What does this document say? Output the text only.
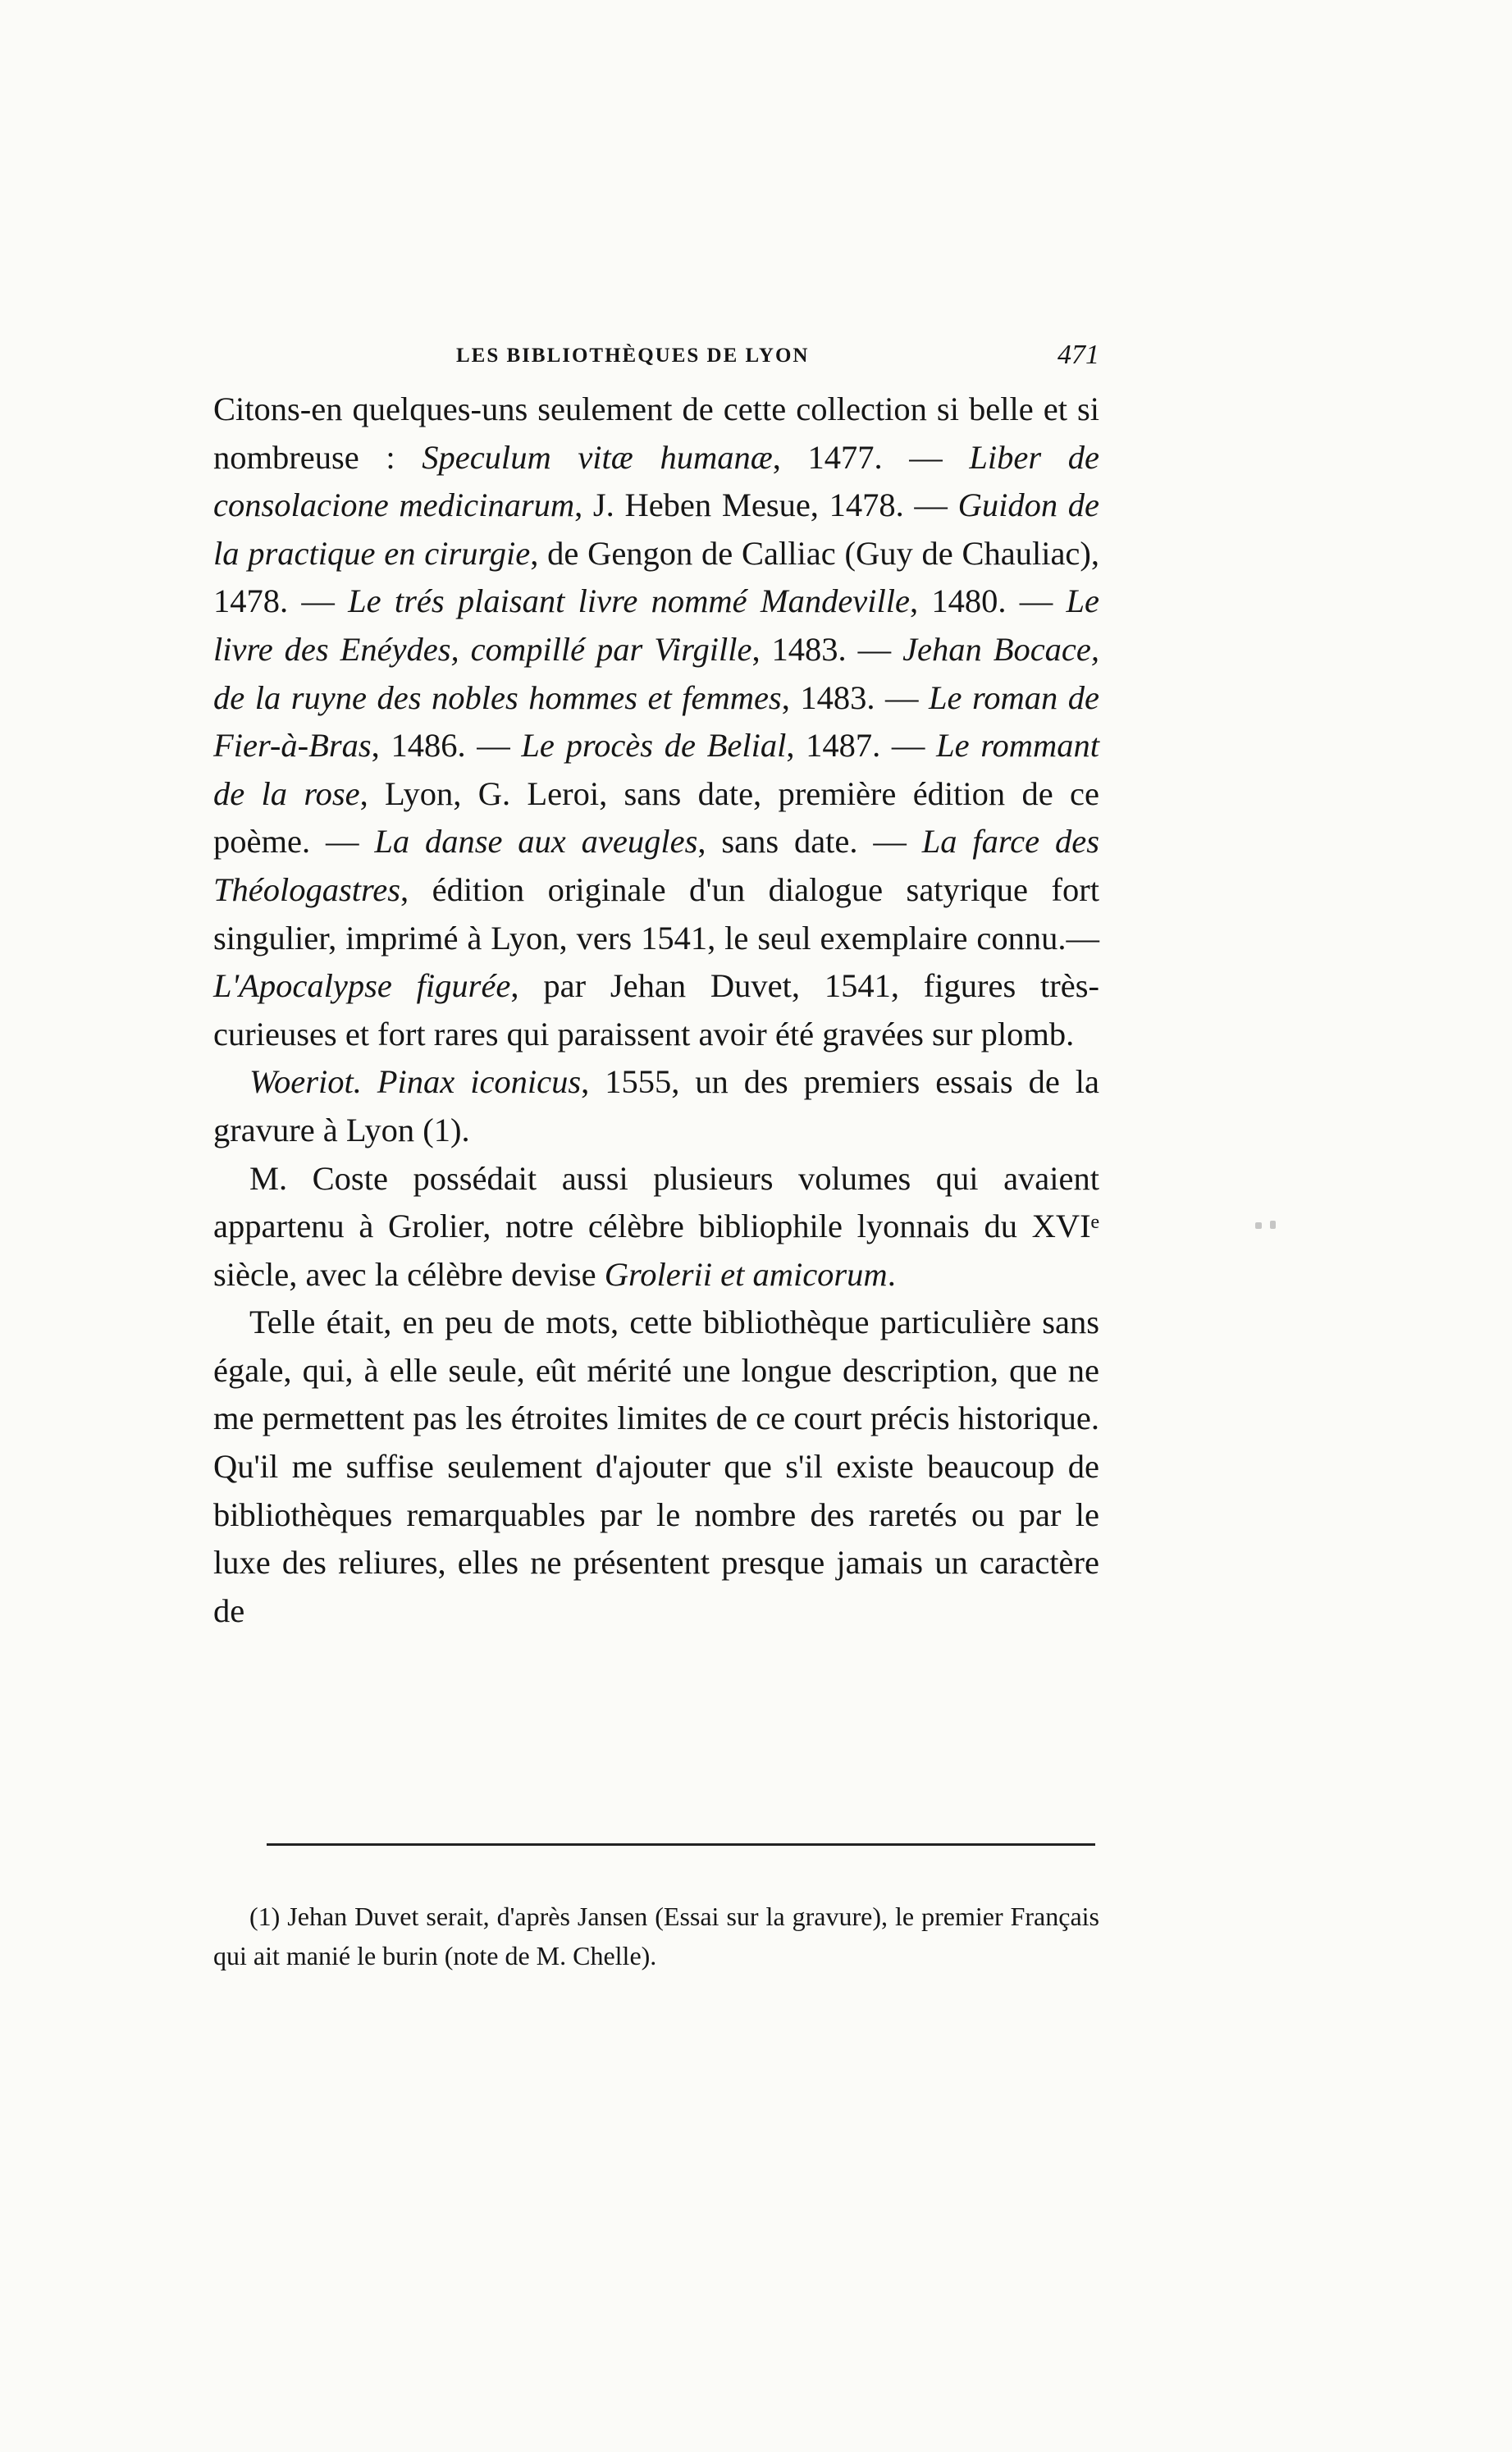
LES BIBLIOTHÈQUES DE LYON	471

Citons-en quelques-uns seulement de cette collection si belle et si nombreuse : Speculum vitæ humanæ, 1477. — Liber de consolacione medicinarum, J. Heben Mesue, 1478. — Guidon de la practique en cirurgie, de Gengon de Calliac (Guy de Chauliac), 1478. — Le trés plaisant livre nommé Mandeville, 1480. — Le livre des Enéydes, compillé par Virgille, 1483. — Jehan Bocace, de la ruyne des nobles hommes et femmes, 1483. — Le roman de Fier-à-Bras, 1486. — Le procès de Belial, 1487. — Le rommant de la rose, Lyon, G. Leroi, sans date, première édition de ce poème. — La danse aux aveugles, sans date. — La farce des Théologastres, édition originale d'un dialogue satyrique fort singulier, imprimé à Lyon, vers 1541, le seul exemplaire connu.— L'Apocalypse figurée, par Jehan Duvet, 1541, figures très-curieuses et fort rares qui paraissent avoir été gravées sur plomb.

Woeriot. Pinax iconicus, 1555, un des premiers essais de la gravure à Lyon (1).

M. Coste possédait aussi plusieurs volumes qui avaient appartenu à Grolier, notre célèbre bibliophile lyonnais du XVIᵉ siècle, avec la célèbre devise Grolerii et amicorum.

Telle était, en peu de mots, cette bibliothèque particulière sans égale, qui, à elle seule, eût mérité une longue description, que ne me permettent pas les étroites limites de ce court précis historique. Qu'il me suffise seulement d'ajouter que s'il existe beaucoup de bibliothèques remarquables par le nombre des raretés ou par le luxe des reliures, elles ne présentent presque jamais un caractère de

(1) Jehan Duvet serait, d'après Jansen (Essai sur la gravure), le premier Français qui ait manié le burin (note de M. Chelle).
